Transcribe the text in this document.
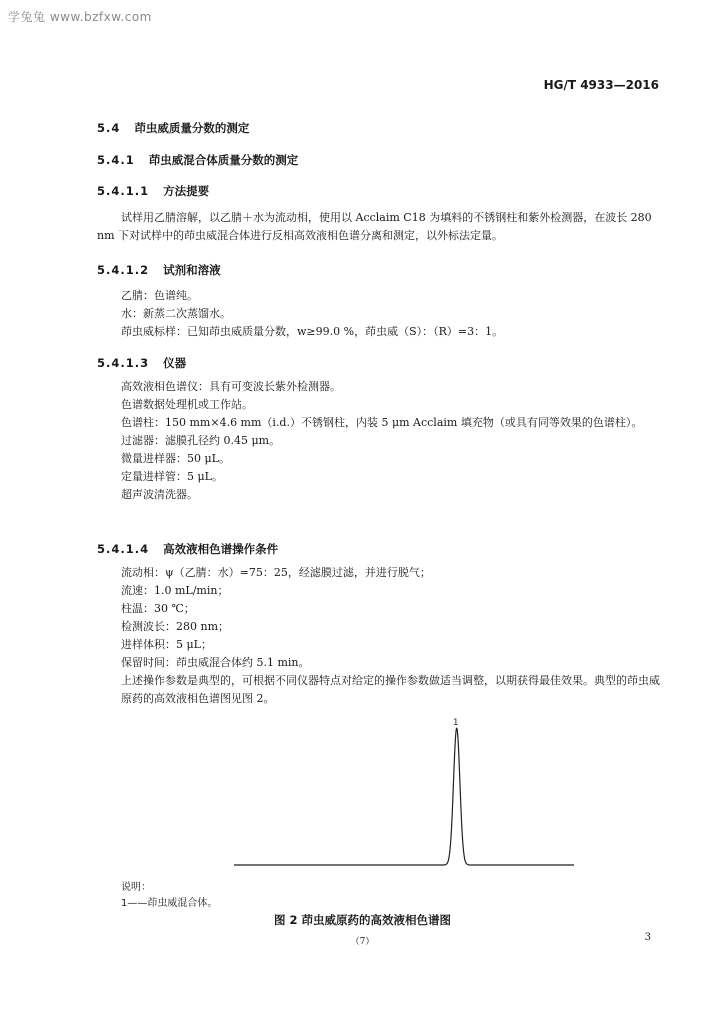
学兔兔 www.bzfxw.com
HG/T 4933—2016
5.4 茚虫威质量分数的测定
5.4.1 茚虫威混合体质量分数的测定
5.4.1.1 方法提要
试样用乙腈溶解，以乙腈＋水为流动相，使用以 Acclaim C18 为填料的不锈钢柱和紫外检测器，在波长 280 nm 下对试样中的茚虫威混合体进行反相高效液相色谱分离和测定，以外标法定量。
5.4.1.2 试剂和溶液
乙腈：色谱纯。
水：新蒸二次蒸馏水。
茚虫威标样：已知茚虫威质量分数，w≥99.0 %，茚虫威（S）：（R）=3：1。
5.4.1.3 仪器
高效液相色谱仪：具有可变波长紫外检测器。
色谱数据处理机或工作站。
色谱柱：150 mm×4.6 mm（i.d.）不锈钢柱，内装 5 μm Acclaim 填充物（或具有同等效果的色谱柱）。
过滤器：滤膜孔径约 0.45 μm。
微量进样器：50 μL。
定量进样管：5 μL。
超声波清洗器。
5.4.1.4 高效液相色谱操作条件
流动相：ψ（乙腈：水）=75：25，经滤膜过滤，并进行脱气；
流速：1.0 mL/min；
柱温：30 ℃；
检测波长：280 nm；
进样体积：5 μL；
保留时间：茚虫威混合体约 5.1 min。
上述操作参数是典型的，可根据不同仪器特点对给定的操作参数做适当调整，以期获得最佳效果。典型的茚虫威原药的高效液相色谱图见图 2。
1
说明：
1——茚虫威混合体。
图 2 茚虫威原药的高效液相色谱图
（7）	3
